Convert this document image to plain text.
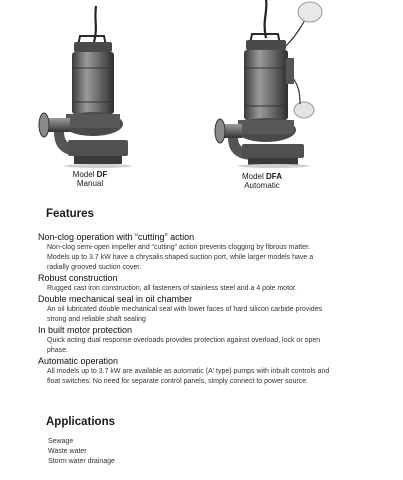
Model DF
Manual
Model DFA
Automatic
Features

Non-clog operation with “cutting” action

Non-clog semi-open impeller and “cutting” action prevents clogging by fibrous matter.

Models up to 3.7 kW have a chrysalis shaped suction port, while larger models have a

radially grooved suction cover.

Robust construction

Rugged cast iron construction, all fasteners of stainless steel and a 4 pole motor.

Double mechanical seal in oil chamber

An oil lubricated double mechanical seal with lower faces of hard silicon carbide provides

strong and reliable shaft sealing

In built motor protection

Quick acting dual response overloads provides protection against overload, lock or open

phase.

Automatic operation

All models up to 3.7 kW are available as automatic (A' type) pumps with inbuilt controls and

float switches. No need for separate control panels, simply connect to power source.

Applications
Sewage
Waste water
Storm water drainage
